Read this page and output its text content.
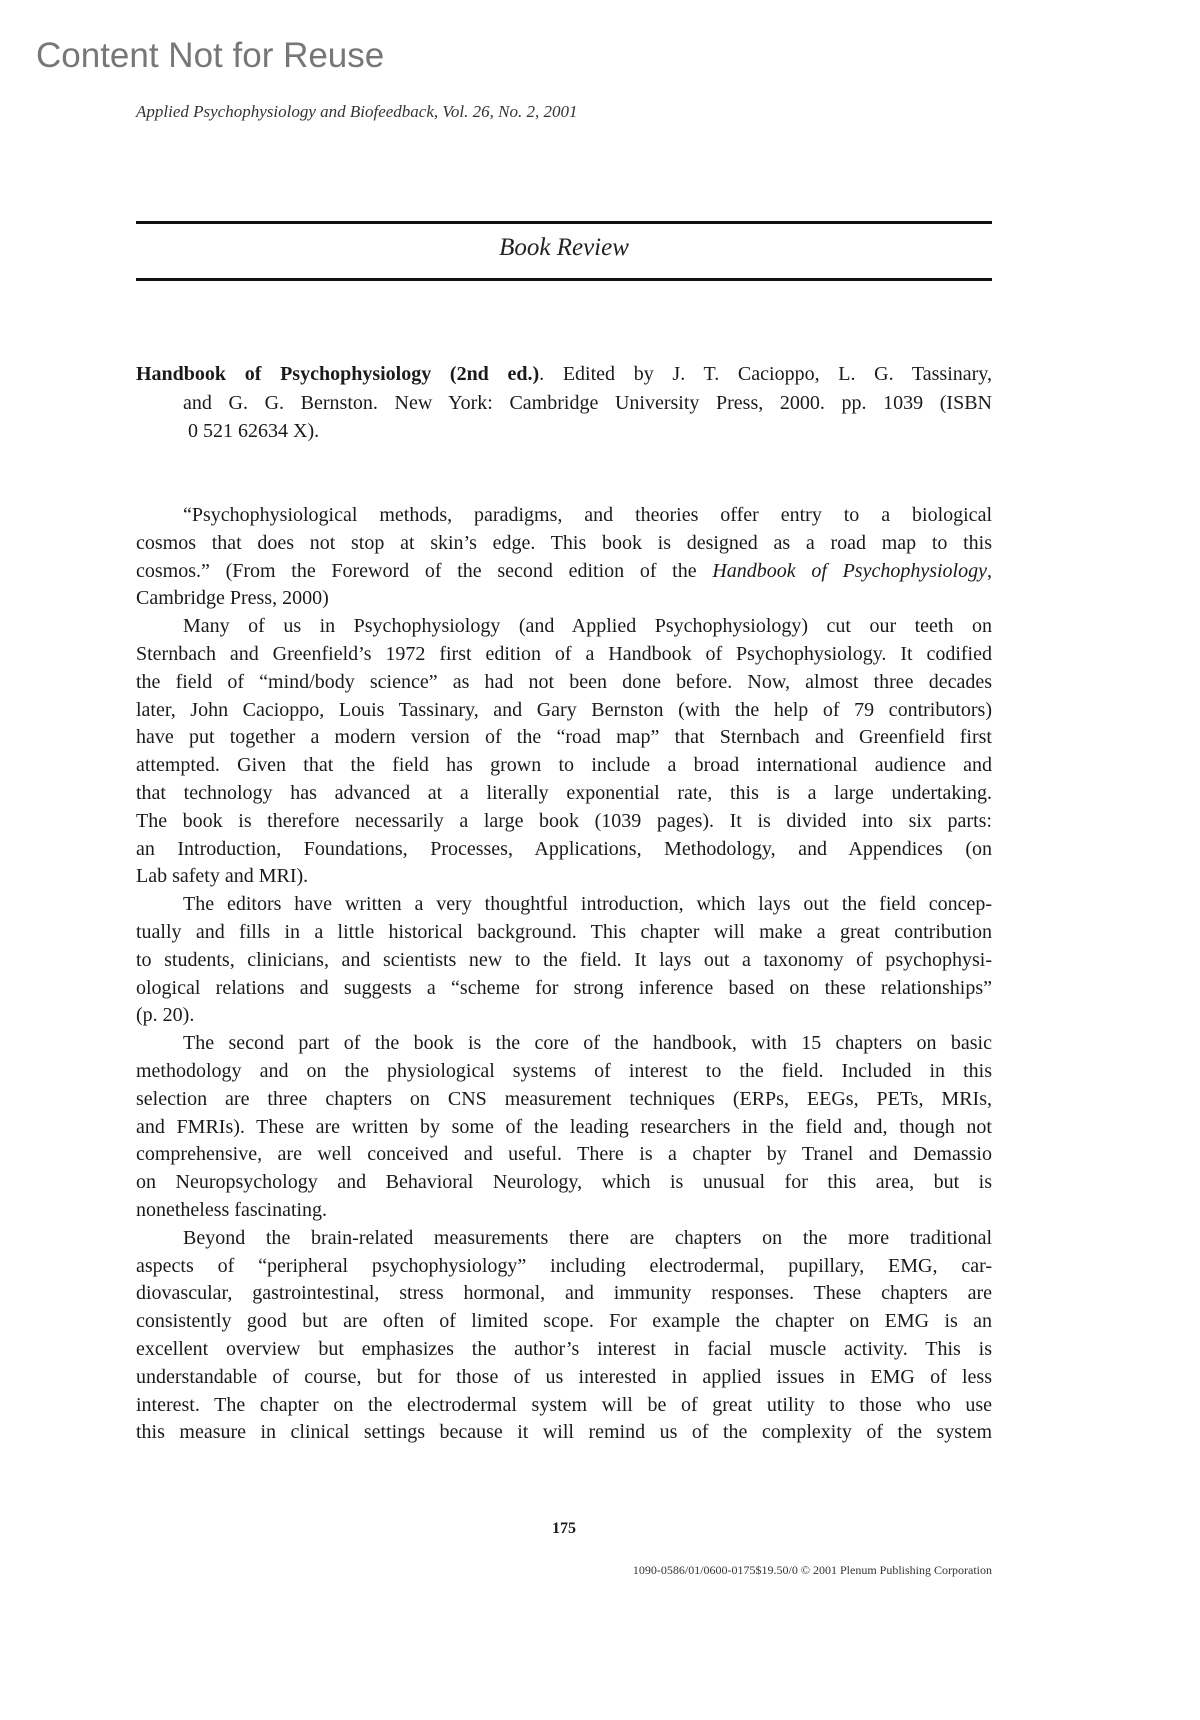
Content Not for Reuse
Applied Psychophysiology and Biofeedback, Vol. 26, No. 2, 2001
Book Review
Handbook of Psychophysiology (2nd ed.). Edited by J. T. Cacioppo, L. G. Tassinary,
and G. G. Bernston. New York: Cambridge University Press, 2000. pp. 1039 (ISBN
0 521 62634 X).
“Psychophysiological methods, paradigms, and theories offer entry to a biological
cosmos that does not stop at skin’s edge. This book is designed as a road map to this
cosmos.” (From the Foreword of the second edition of the Handbook of Psychophysiology,
Cambridge Press, 2000)
Many of us in Psychophysiology (and Applied Psychophysiology) cut our teeth on
Sternbach and Greenfield’s 1972 first edition of a Handbook of Psychophysiology. It codified
the field of “mind/body science” as had not been done before. Now, almost three decades
later, John Cacioppo, Louis Tassinary, and Gary Bernston (with the help of 79 contributors)
have put together a modern version of the “road map” that Sternbach and Greenfield first
attempted. Given that the field has grown to include a broad international audience and
that technology has advanced at a literally exponential rate, this is a large undertaking.
The book is therefore necessarily a large book (1039 pages). It is divided into six parts:
an Introduction, Foundations, Processes, Applications, Methodology, and Appendices (on
Lab safety and MRI).
The editors have written a very thoughtful introduction, which lays out the field concep-
tually and fills in a little historical background. This chapter will make a great contribution
to students, clinicians, and scientists new to the field. It lays out a taxonomy of psychophysi-
ological relations and suggests a “scheme for strong inference based on these relationships”
(p. 20).
The second part of the book is the core of the handbook, with 15 chapters on basic
methodology and on the physiological systems of interest to the field. Included in this
selection are three chapters on CNS measurement techniques (ERPs, EEGs, PETs, MRIs,
and FMRIs). These are written by some of the leading researchers in the field and, though not
comprehensive, are well conceived and useful. There is a chapter by Tranel and Demassio
on Neuropsychology and Behavioral Neurology, which is unusual for this area, but is
nonetheless fascinating.
Beyond the brain-related measurements there are chapters on the more traditional
aspects of “peripheral psychophysiology” including electrodermal, pupillary, EMG, car-
diovascular, gastrointestinal, stress hormonal, and immunity responses. These chapters are
consistently good but are often of limited scope. For example the chapter on EMG is an
excellent overview but emphasizes the author’s interest in facial muscle activity. This is
understandable of course, but for those of us interested in applied issues in EMG of less
interest. The chapter on the electrodermal system will be of great utility to those who use
this measure in clinical settings because it will remind us of the complexity of the system
175
1090-0586/01/0600-0175$19.50/0 © 2001 Plenum Publishing Corporation
